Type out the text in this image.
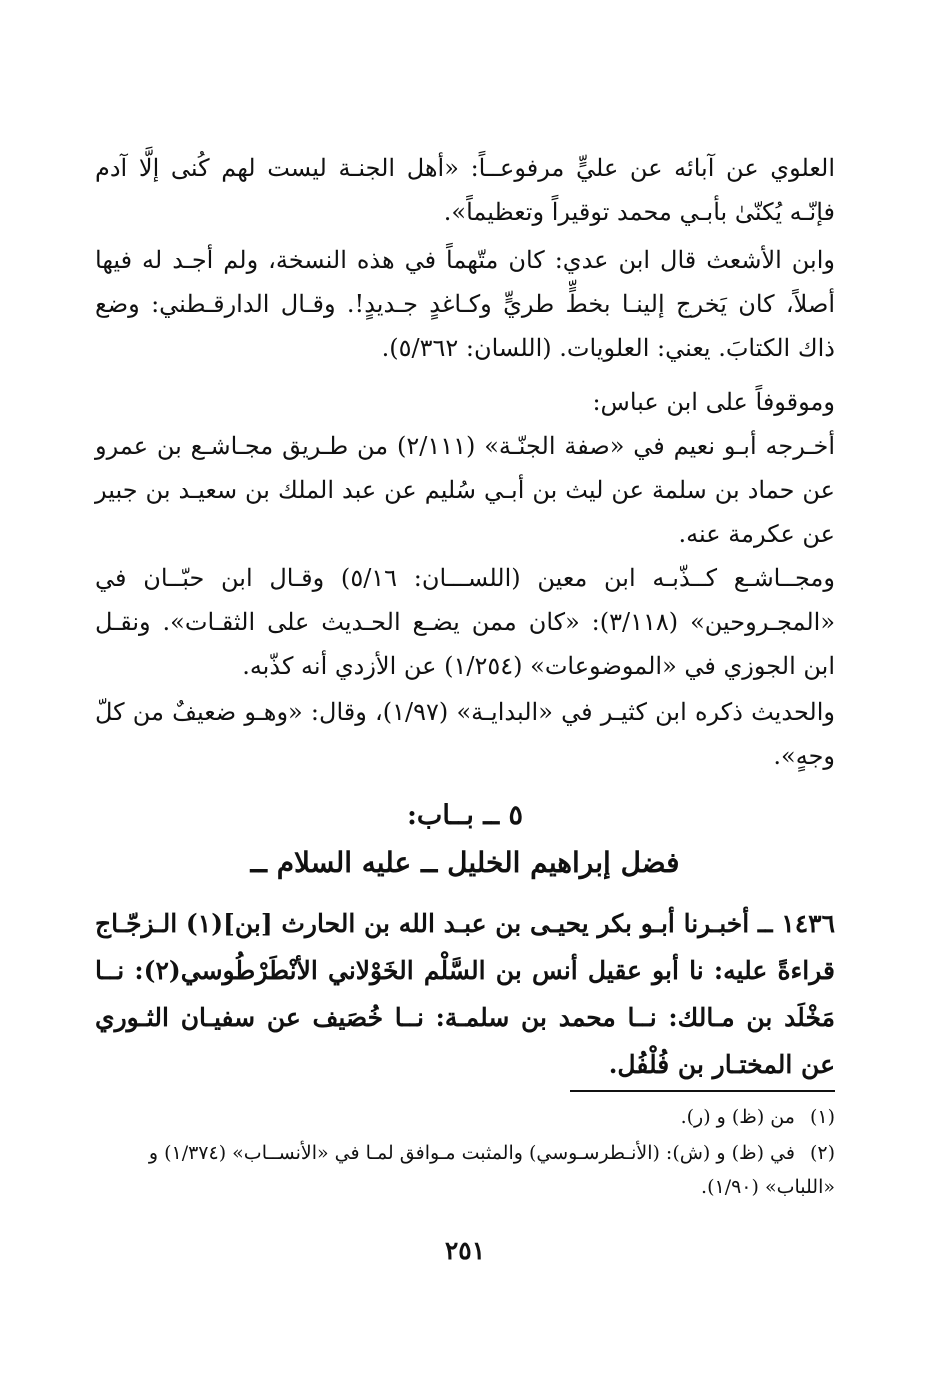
العلوي عن آبائه عن عليٍّ مرفوعــاً: «أهل الجنـة ليست لهم كُنى إلَّا آدم فإنّـه يُكنّىٰ بأبـي محمد توقيراً وتعظيماً».

وابن الأشعث قال ابن عدي: كان متّهماً في هذه النسخة، ولم أجـد له فيها أصلاً، كان يَخرج إلينـا بخطٍّ طريٍّ وكـاغدٍ جـديدٍ!. وقـال الدارقـطني: وضع ذاك الكتابَ. يعني: العلويات. (اللسان: ٥/٣٦٢).

وموقوفاً على ابن عباس:

أخـرجه أبـو نعيم في «صفة الجنّـة» (٢/١١١) من طـريق مجـاشـع بن عمرو عن حماد بن سلمة عن ليث بن أبـي سُليم عن عبد الملك بن سعيـد بن جبير عن عكرمة عنه.

ومجــاشـع كــذّبـه ابن معين (اللســـان: ٥/١٦) وقـال ابن حبّــان في «المجـروحين» (٣/١١٨): «كان ممن يضـع الحـديث على الثقـات». ونقـل ابن الجوزي في «الموضوعات» (١/٢٥٤) عن الأزدي أنه كذّبه.

والحديث ذكره ابن كثيـر في «البدايـة» (١/٩٧)، وقال: «وهـو ضعيفٌ من كلّ وجهٍ».

٥ ــ بــاب:
فضل إبراهيم الخليل ــ عليه السلام ــ

١٤٣٦ ــ أخبـرنا أبـو بكر يحيـى بن عبـد الله بن الحارث [بن](١) الـزجّـاج قراءةً عليه: نا أبو عقيل أنس بن السَّلْم الخَوْلاني الأنْطَرْطُوسي(٢): نــا مَخْلَد بن مـالك: نــا محمد بن سلمـة: نــا خُصَيف عن سفيـان الثـوري عن المختـار بن فُلْفُل.

(١) من (ظ) و (ر).

(٢) في (ظ) و (ش): (الأنـطرسـوسي) والمثبت مـوافق لمـا في «الأنســاب» (١/٣٧٤) و «اللباب» (١/٩٠).

٢٥١
